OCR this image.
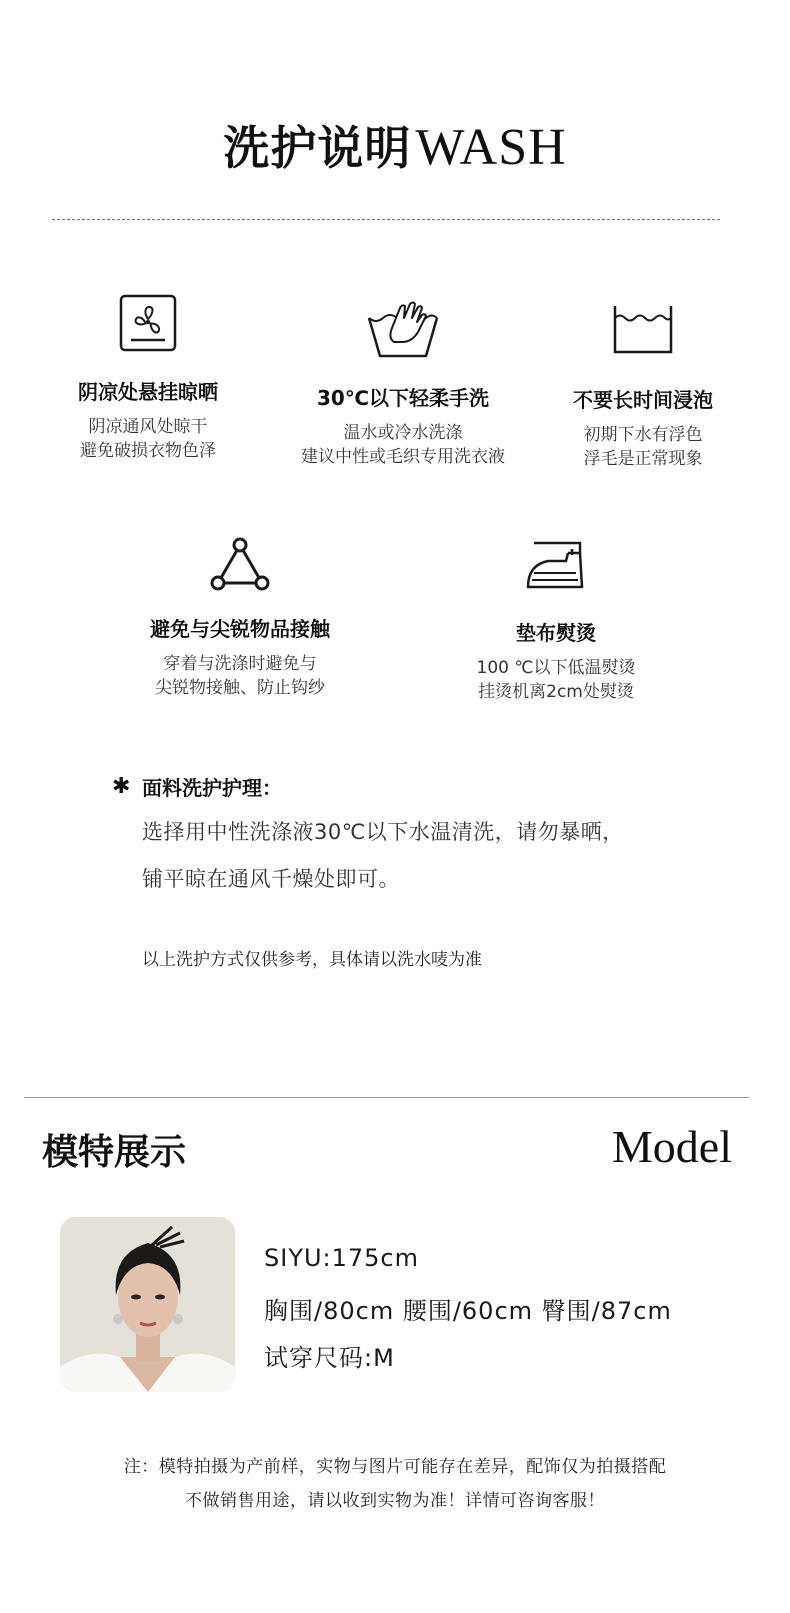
洗护说明WASH
阴凉处悬挂晾晒
阴凉通风处晾干
避免破损衣物色泽
30℃以下轻柔手洗
温水或冷水洗涤
建议中性或毛织专用洗衣液
不要长时间浸泡
初期下水有浮色
浮毛是正常现象
避免与尖锐物品接触
穿着与洗涤时避免与
尖锐物接触、防止钩纱
垫布熨烫
100 ℃以下低温熨烫
挂烫机离2cm处熨烫
✱ 面料洗护护理：
选择用中性洗涤液30℃以下水温清洗，请勿暴晒，
铺平晾在通风千燥处即可。
以上洗护方式仅供参考，具体请以洗水唛为准
模特展示	Model
SIYU:175cm
胸围/80cm 腰围/60cm 臀围/87cm
试穿尺码:M
注：模特拍摄为产前样，实物与图片可能存在差异，配饰仅为拍摄搭配
不做销售用途，请以收到实物为准！详情可咨询客服！
